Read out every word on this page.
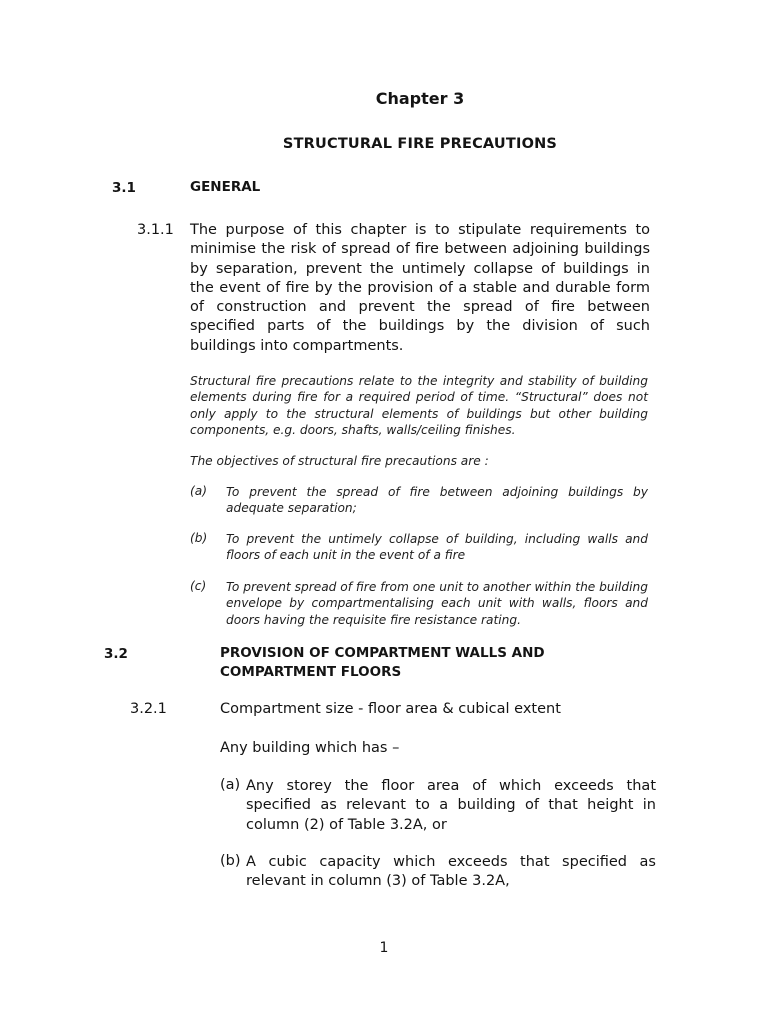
Chapter 3
STRUCTURAL FIRE PRECAUTIONS
3.1	GENERAL
3.1.1 The purpose of this chapter is to stipulate requirements to minimise the risk of spread of fire between adjoining buildings by separation, prevent the untimely collapse of buildings in the event of fire by the provision of a stable and durable form of construction and prevent the spread of fire between specified parts of the buildings by the division of such buildings into compartments.
Structural fire precautions relate to the integrity and stability of building elements during fire for a required period of time. “Structural” does not only apply to the structural elements of buildings but other building components, e.g. doors, shafts, walls/ceiling finishes.
The objectives of structural fire precautions are :
(a) To prevent the spread of fire between adjoining buildings by adequate separation;
(b) To prevent the untimely collapse of building, including walls and floors of each unit in the event of a fire
(c) To prevent spread of fire from one unit to another within the building envelope by compartmentalising each unit with walls, floors and doors having the requisite fire resistance rating.
3.2	PROVISION OF COMPARTMENT WALLS AND COMPARTMENT FLOORS
3.2.1	Compartment size - floor area & cubical extent
Any building which has –
(a) Any storey the floor area of which exceeds that specified as relevant to a building of that height in column (2) of Table 3.2A, or
(b) A cubic capacity which exceeds that specified as relevant in column (3) of Table 3.2A,
1
